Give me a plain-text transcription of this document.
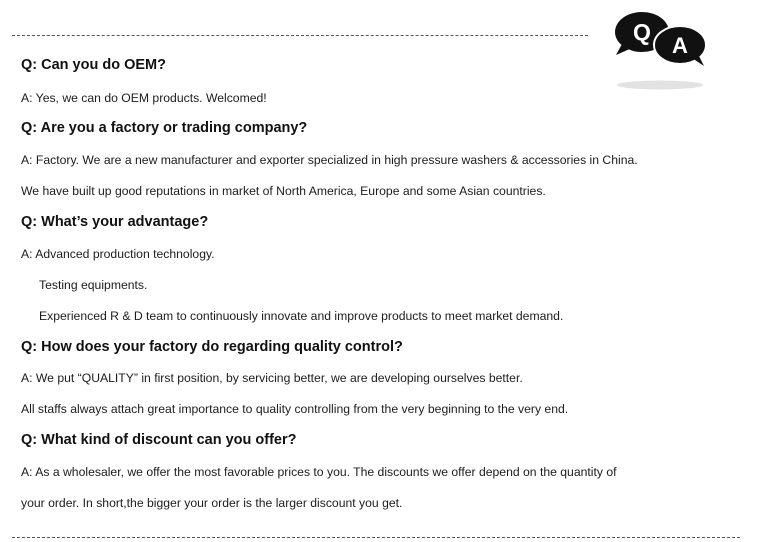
Q
A
Q: Can you do OEM?
A: Yes, we can do OEM products. Welcomed!
Q: Are you a factory or trading company?
A: Factory. We are a new manufacturer and exporter specialized in high pressure washers & accessories in China.
We have built up good reputations in market of North America, Europe and some Asian countries.
Q: What’s your advantage?
A: Advanced production technology.
Testing equipments.
Experienced R & D team to continuously innovate and improve products to meet market demand.
Q: How does your factory do regarding quality control?
A: We put “QUALITY” in first position, by servicing better, we are developing ourselves better.
All staffs always attach great importance to quality controlling from the very beginning to the very end.
Q: What kind of discount can you offer?
A: As a wholesaler, we offer the most favorable prices to you. The discounts we offer depend on the quantity of
your order. In short,the bigger your order is the larger discount you get.
